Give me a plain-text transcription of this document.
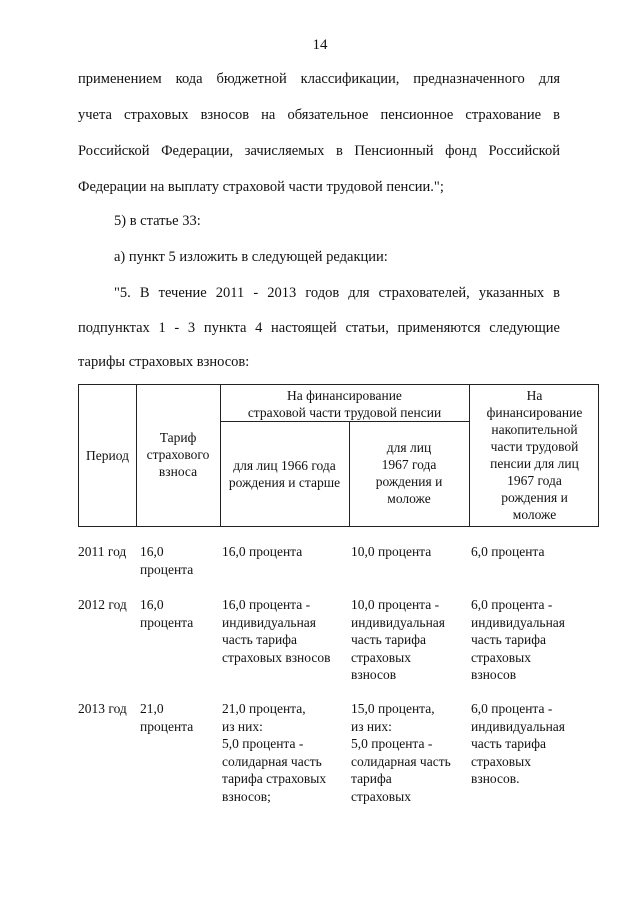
14
применением кода бюджетной классификации, предназначенного для
учета страховых взносов на обязательное пенсионное страхование в
Российской Федерации, зачисляемых в Пенсионный фонд Российской
Федерации на выплату страховой части трудовой пенсии.";
5) в статье 33:
а) пункт 5 изложить в следующей редакции:
"5. В течение 2011 - 2013 годов для страхователей, указанных в
подпунктах 1 - 3 пункта 4 настоящей статьи, применяются следующие
тарифы страховых взносов:
Период
Тариф
страхового
взноса
На финансирование
страховой части трудовой пенсии
для лиц 1966 года
рождения и старше
для лиц
1967 года
рождения и
моложе
На
финансирование
накопительной
части трудовой
пенсии для лиц
1967 года
рождения и
моложе
2011 год 16,0
процента
16,0 процента	10,0 процента	6,0 процента
2012 год 16,0
процента
16,0 процента -
индивидуальная
часть тарифа
страховых взносов
10,0 процента -
индивидуальная
часть тарифа
страховых
взносов
6,0 процента -
индивидуальная
часть тарифа
страховых
взносов
2013 год 21,0
процента
21,0 процента,
из них:
5,0 процента -
солидарная часть
тарифа страховых
взносов;
15,0 процента,
из них:
5,0 процента -
солидарная часть
тарифа
страховых
6,0 процента -
индивидуальная
часть тарифа
страховых
взносов.
